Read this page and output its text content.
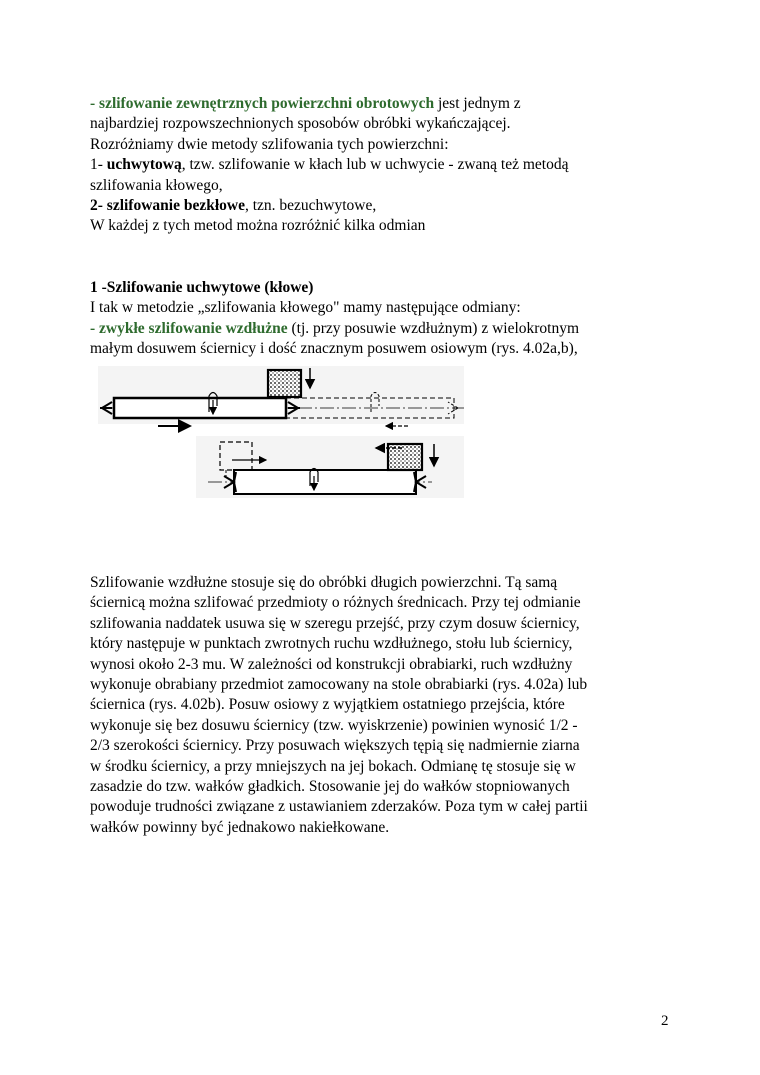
- szlifowanie zewnętrznych powierzchni obrotowych jest jednym z
najbardziej rozpowszechnionych sposobów obróbki wykańczającej.
Rozróżniamy dwie metody szlifowania tych powierzchni:
1- uchwytową, tzw. szlifowanie w kłach lub w uchwycie - zwaną też metodą
szlifowania kłowego,
2- szlifowanie bezkłowe, tzn. bezuchwytowe,
W każdej z tych metod można rozróżnić kilka odmian
1 -Szlifowanie uchwytowe (kłowe)
I tak w metodzie „szlifowania kłowego" mamy następujące odmiany:
- zwykłe szlifowanie wzdłużne (tj. przy posuwie wzdłużnym) z wielokrotnym
małym dosuwem ściernicy i dość znacznym posuwem osiowym (rys. 4.02a,b),
Szlifowanie wzdłużne stosuje się do obróbki długich powierzchni. Tą samą
ściernicą można szlifować przedmioty o różnych średnicach. Przy tej odmianie
szlifowania naddatek usuwa się w szeregu przejść, przy czym dosuw ściernicy,
który następuje w punktach zwrotnych ruchu wzdłużnego, stołu lub ściernicy,
wynosi około 2-3 mu. W zależności od konstrukcji obrabiarki, ruch wzdłużny
wykonuje obrabiany przedmiot zamocowany na stole obrabiarki (rys. 4.02a) lub
ściernica (rys. 4.02b). Posuw osiowy z wyjątkiem ostatniego przejścia, które
wykonuje się bez dosuwu ściernicy (tzw. wyiskrzenie) powinien wynosić 1/2 -
2/3 szerokości ściernicy. Przy posuwach większych tępią się nadmiernie ziarna
w środku ściernicy, a przy mniejszych na jej bokach. Odmianę tę stosuje się w
zasadzie do tzw. wałków gładkich. Stosowanie jej do wałków stopniowanych
powoduje trudności związane z ustawianiem zderzaków. Poza tym w całej partii
wałków powinny być jednakowo nakiełkowane.
2
